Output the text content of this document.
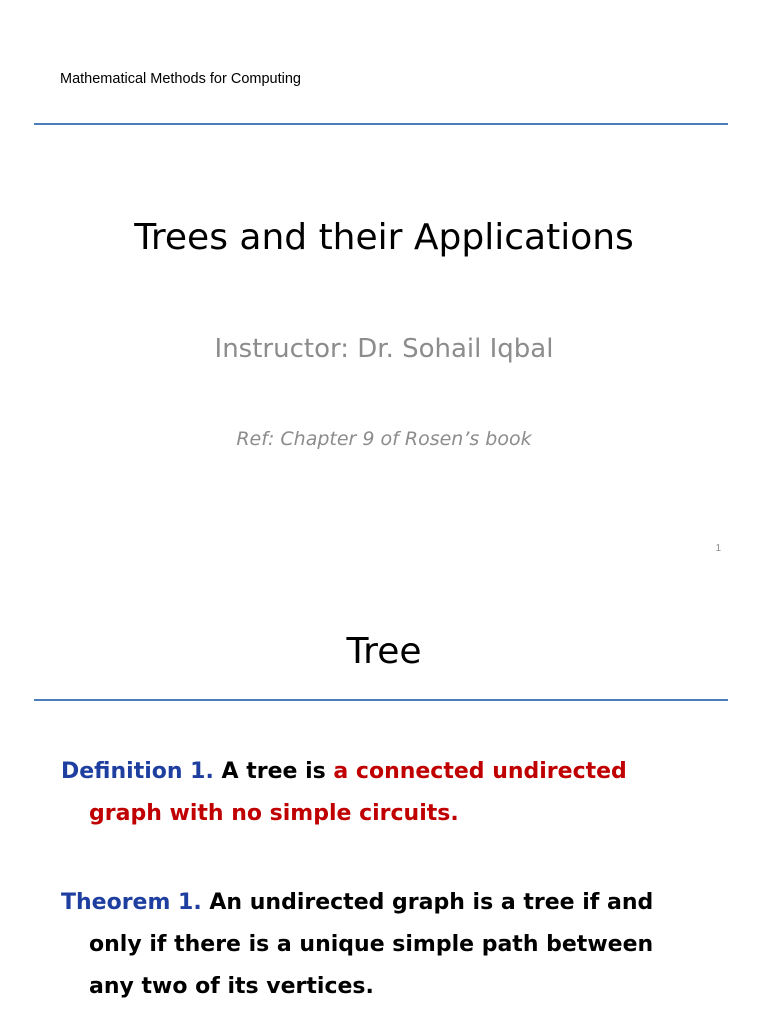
Mathematical Methods for Computing
Trees and their Applications
Instructor: Dr. Sohail Iqbal
Ref: Chapter 9 of Rosen’s book
1
Tree
Definition 1. A tree is a connected undirected
graph with no simple circuits.
Theorem 1. An undirected graph is a tree if and
only if there is a unique simple path between
any two of its vertices.
